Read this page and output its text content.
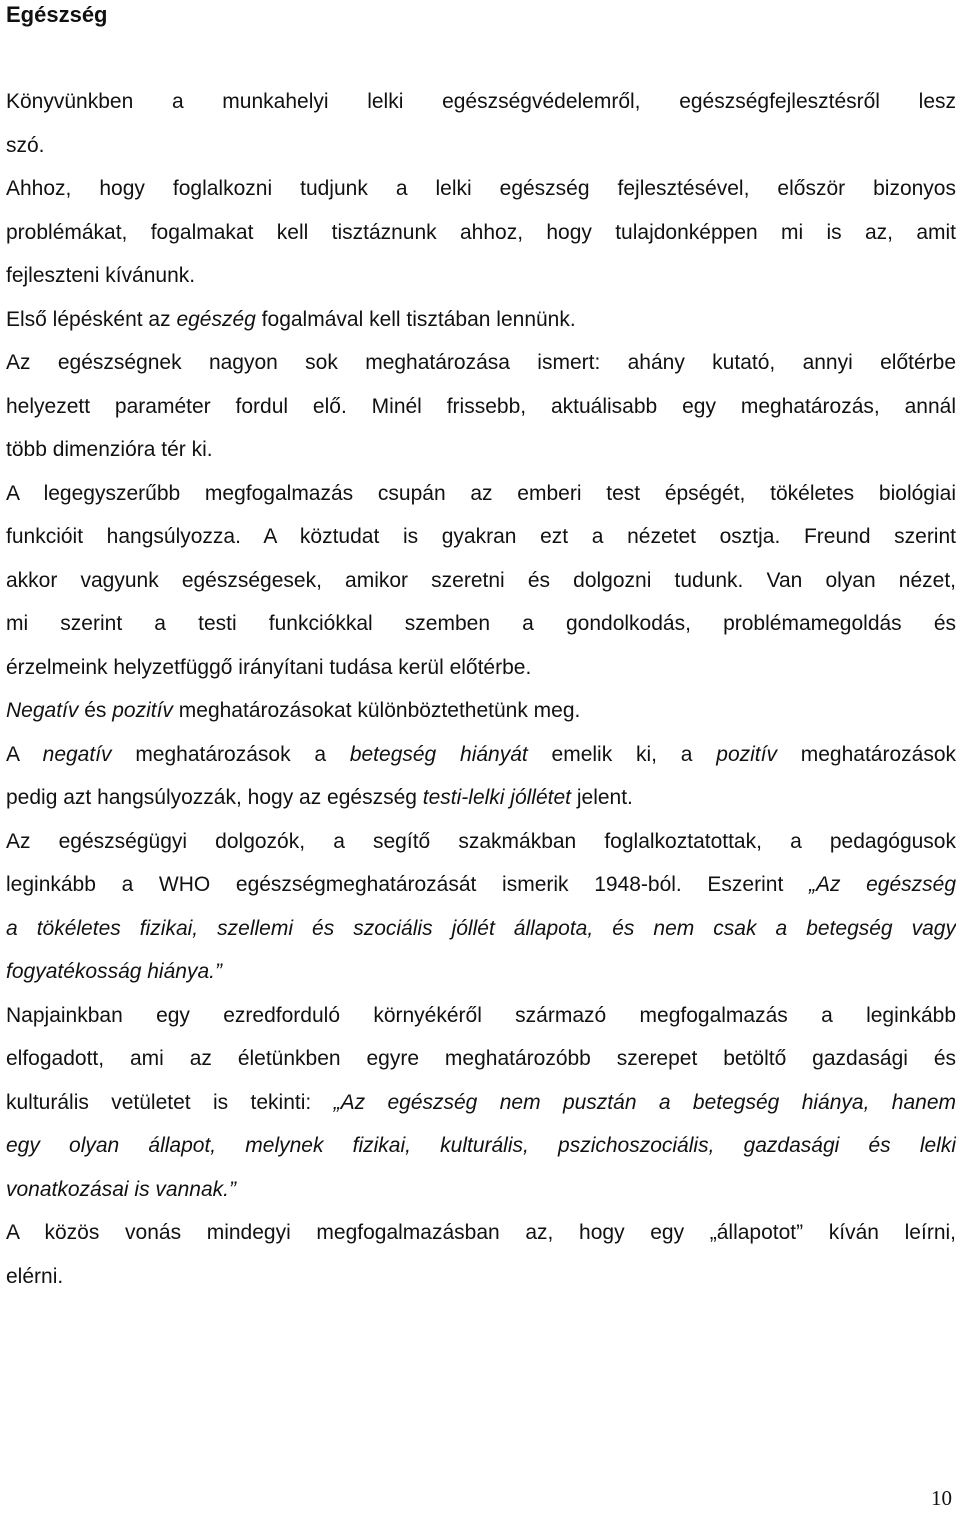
Egészség
Könyvünkben a munkahelyi lelki egészségvédelemről, egészségfejlesztésről lesz
szó.
Ahhoz, hogy foglalkozni tudjunk a lelki egészség fejlesztésével, először bizonyos
problémákat, fogalmakat kell tisztáznunk ahhoz, hogy tulajdonképpen mi is az, amit
fejleszteni kívánunk.
Első lépésként az egészég fogalmával kell tisztában lennünk.
Az egészségnek nagyon sok meghatározása ismert: ahány kutató, annyi előtérbe
helyezett paraméter fordul elő. Minél frissebb, aktuálisabb egy meghatározás, annál
több dimenzióra tér ki.
A legegyszerűbb megfogalmazás csupán az emberi test épségét, tökéletes biológiai
funkcióit hangsúlyozza. A köztudat is gyakran ezt a nézetet osztja. Freund szerint
akkor vagyunk egészségesek, amikor szeretni és dolgozni tudunk. Van olyan nézet,
mi szerint a testi funkciókkal szemben a gondolkodás, problémamegoldás és
érzelmeink helyzetfüggő irányítani tudása kerül előtérbe.
Negatív és pozitív meghatározásokat különböztethetünk meg.
A negatív meghatározások a betegség hiányát emelik ki, a pozitív meghatározások
pedig azt hangsúlyozzák, hogy az egészség testi-lelki jóllétet jelent.
Az egészségügyi dolgozók, a segítő szakmákban foglalkoztatottak, a pedagógusok
leginkább a WHO egészségmeghatározását ismerik 1948-ból. Eszerint „Az egészség
a tökéletes fizikai, szellemi és szociális jóllét állapota, és nem csak a betegség vagy
fogyatékosság hiánya.”
Napjainkban egy ezredforduló környékéről származó megfogalmazás a leginkább
elfogadott, ami az életünkben egyre meghatározóbb szerepet betöltő gazdasági és
kulturális vetületet is tekinti: „Az egészség nem pusztán a betegség hiánya, hanem
egy olyan állapot, melynek fizikai, kulturális, pszichoszociális, gazdasági és lelki
vonatkozásai is vannak.”
A közös vonás mindegyi megfogalmazásban az, hogy egy „állapotot” kíván leírni,
elérni.
10
